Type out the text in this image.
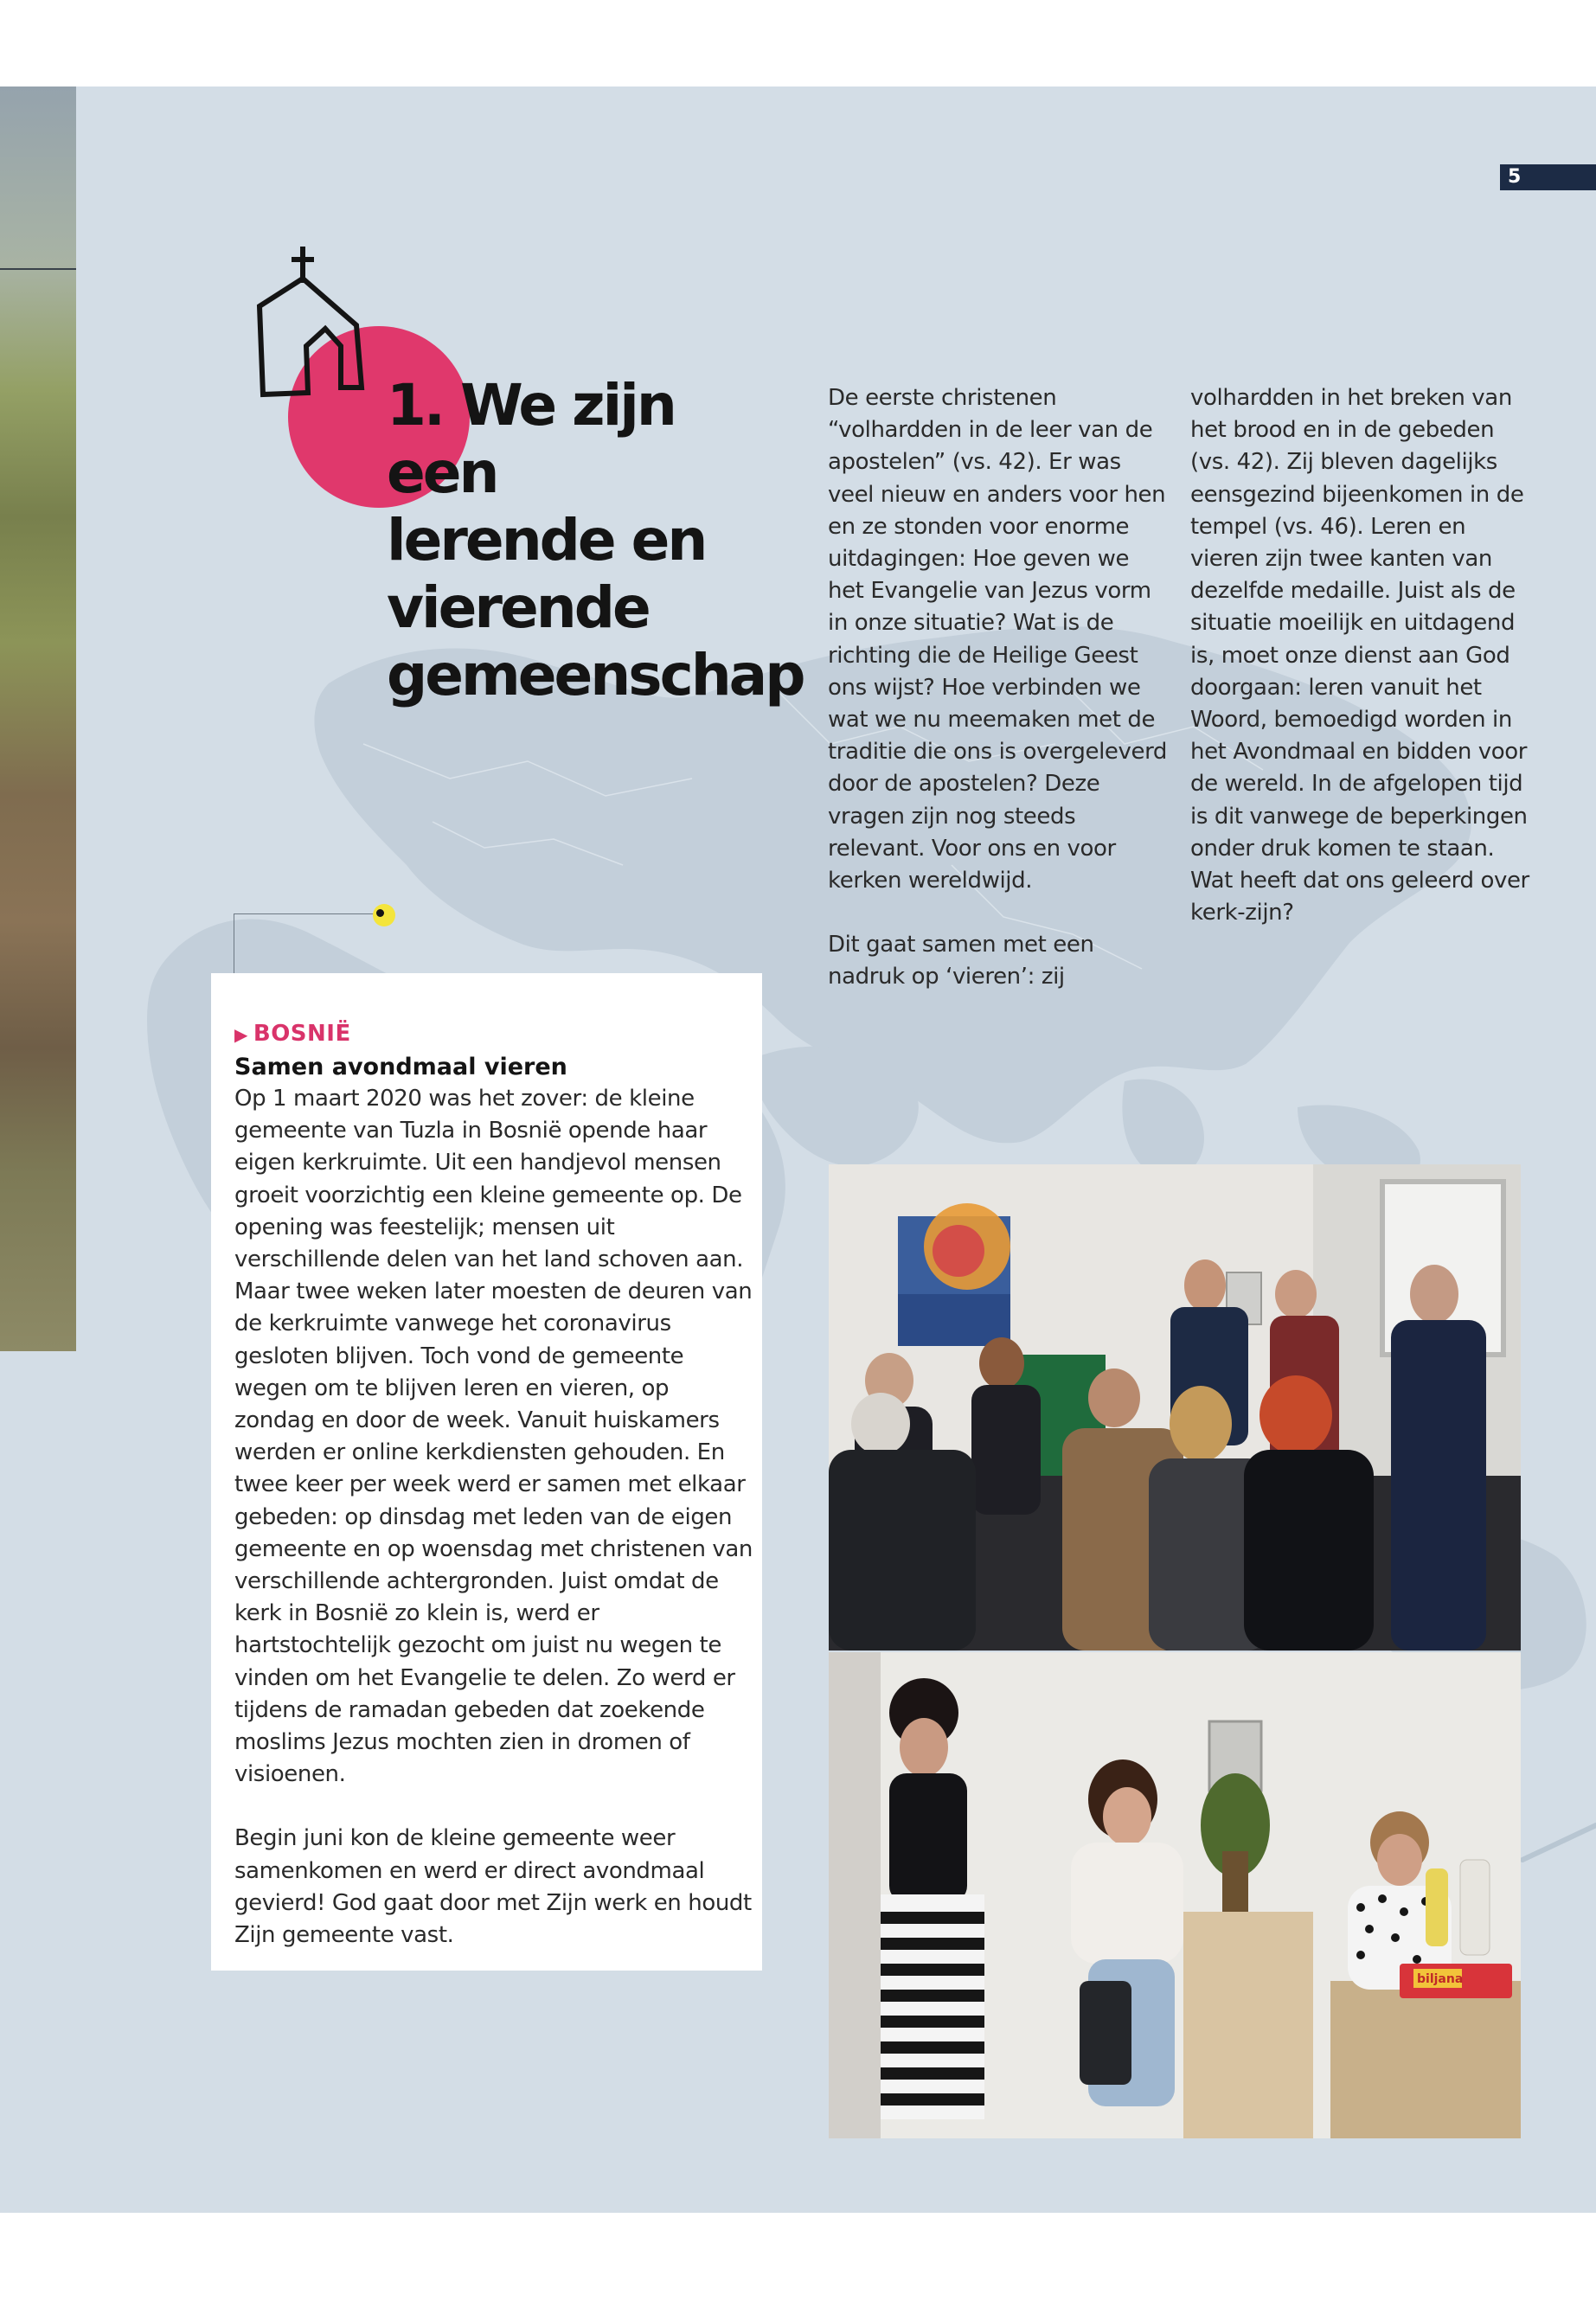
5
1. We zijn een
lerende en
vierende
gemeenschap

De eerste christenen “volhardden in de leer van de apostelen” (vs. 42). Er was veel nieuw en anders voor hen en ze stonden voor enorme uitdagingen: Hoe geven we het Evangelie van Jezus vorm in onze situatie? Wat is de richting die de Heilige Geest ons wijst? Hoe verbinden we wat we nu meemaken met de traditie die ons is overgeleverd door de apostelen? Deze vragen zijn nog steeds relevant. Voor ons en voor kerken wereldwijd.

Dit gaat samen met een nadruk op ‘vieren’: zij

volhardden in het breken van het brood en in de gebeden (vs. 42). Zij bleven dagelijks eensgezind bijeenkomen in de tempel (vs. 46). Leren en vieren zijn twee kanten van dezelfde medaille. Juist als de situatie moeilijk en uitdagend is, moet onze dienst aan God doorgaan: leren vanuit het Woord, bemoedigd worden in het Avondmaal en bidden voor de wereld. In de afgelopen tijd is dit vanwege de beperkingen onder druk komen te staan. Wat heeft dat ons geleerd over kerk-zijn?

▶ BOSNIË
Samen avondmaal vieren

Op 1 maart 2020 was het zover: de kleine gemeente van Tuzla in Bosnië opende haar eigen kerkruimte. Uit een handjevol mensen groeit voorzichtig een kleine gemeente op. De opening was feestelijk; mensen uit verschillende delen van het land schoven aan. Maar twee weken later moesten de deuren van de kerkruimte vanwege het coronavirus gesloten blijven. Toch vond de gemeente wegen om te blijven leren en vieren, op zondag en door de week. Vanuit huiskamers werden er online kerkdiensten gehouden. En twee keer per week werd er samen met elkaar gebeden: op dinsdag met leden van de eigen gemeente en op woensdag met christenen van verschillende achtergronden. Juist omdat de kerk in Bosnië zo klein is, werd er hartstochtelijk gezocht om juist nu wegen te vinden om het Evangelie te delen. Zo werd er tijdens de ramadan gebeden dat zoekende moslims Jezus mochten zien in dromen of visioenen.

Begin juni kon de kleine gemeente weer samenkomen en werd er direct avondmaal gevierd! God gaat door met Zijn werk en houdt Zijn gemeente vast.

biljana
